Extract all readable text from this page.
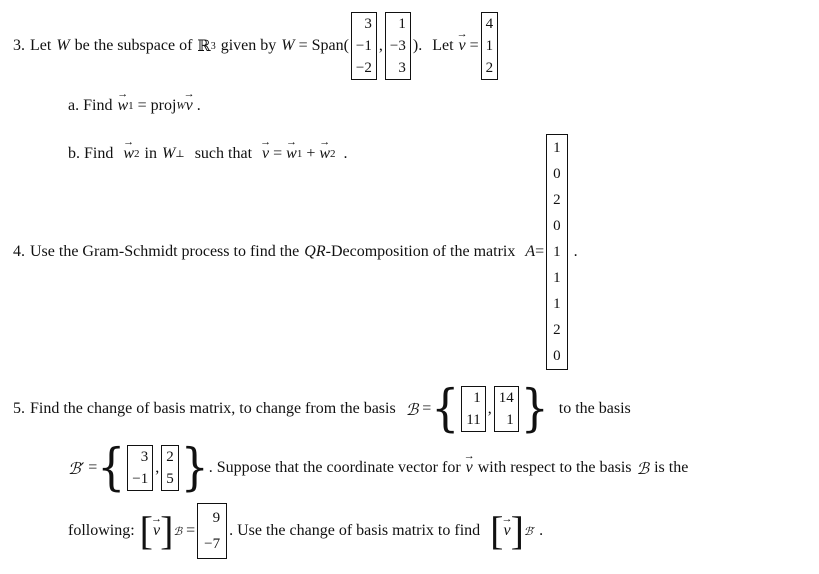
3. Let W be the subspace of ℝ 3 given by W = Span(
3
−1
−2
,
1
−3
3
). Let → v =
4
1
2
a. Find → w 1
= proj W → v
.
b. Find → w 2 in W ⊥ such that → v
=
→ w 1
+
→ w 2
.
4. Use the Gram-Schmidt process to find the QR -Decomposition of the matrix A =
1
0
2
0
1
1
1
2
0

.
5. Find the change of basis matrix, to change from the basis ℬ
= { 1
11
,
14
1 } to the basis
ℬ′ = {	3
−1
,
2
5 } . Suppose that the coordinate vector for → v with respect to the basis ℬ is the
following: [ → v ] ℬ =
9
−7
. Use the change of basis matrix to find [ → v ] ℬ′
.
